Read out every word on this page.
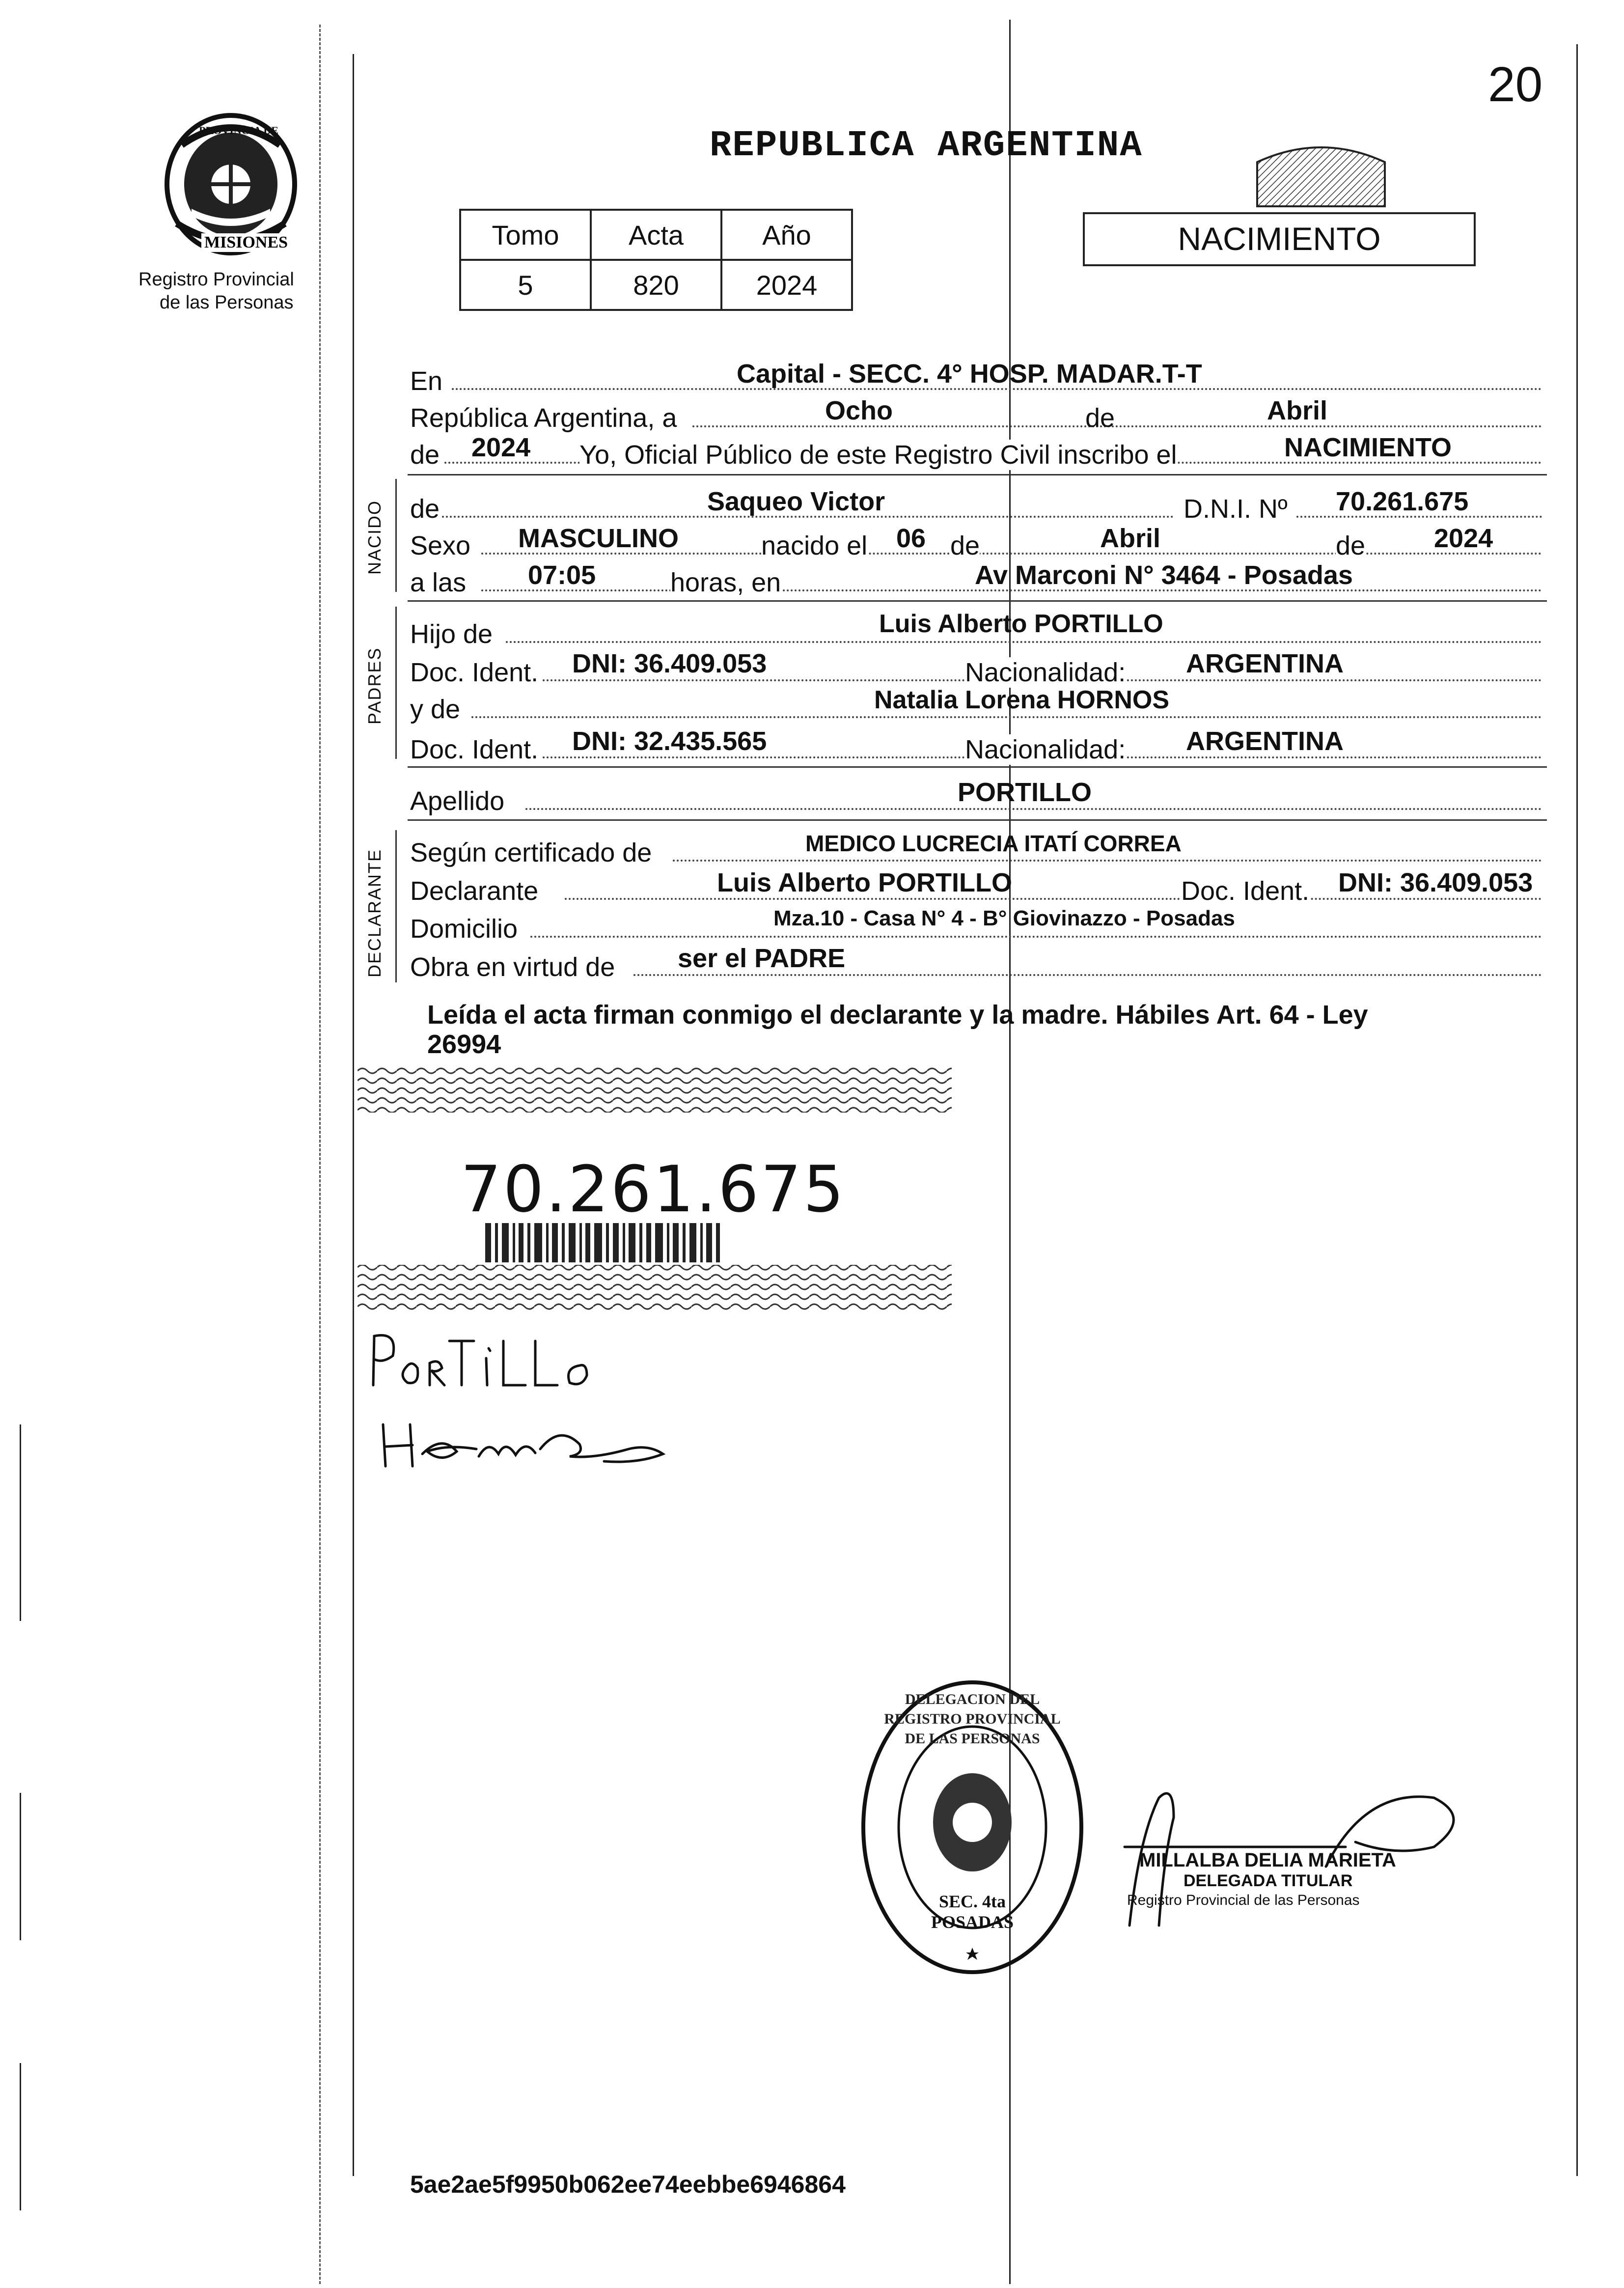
20
PROVINCIA DE
MISIONES
Registro Provincial
de las Personas
REPUBLICA ARGENTINA
Tomo	Acta	Año
5	820	2024
NACIMIENTO
En	Capital - SECC. 4° HOSP. MADAR.T-T
República Argentina, a	Ocho	de	Abril
de 2024 Yo, Oficial Público de este Registro Civil inscribo el	NACIMIENTO
NACIDO de	Saqueo Victor	D.N.I. Nº 70.261.675
Sexo MASCULINO	nacido el 06 de	Abril	de	2024
a las 07:05	horas, en	Av Marconi N° 3464 - Posadas
PADRES
Hijo de	Luis Alberto PORTILLO
Doc. Ident. DNI: 36.409.053	Nacionalidad: ARGENTINA
y de	Natalia Lorena HORNOS
Doc. Ident. DNI: 32.435.565	Nacionalidad: ARGENTINA
Apellido	PORTILLO
DECLARANTE Según certificado de	MEDICO LUCRECIA ITATÍ CORREA
Declarante	Luis Alberto PORTILLO	Doc. Ident. DNI: 36.409.053
Domicilio	Mza.10 - Casa N° 4 - B° Giovinazzo - Posadas
Obra en virtud de ser el PADRE
Leída el acta firman conmigo el declarante y la madre. Hábiles Art. 64 - Ley
26994
70.261.675
DELEGACION DEL REGISTRO PROVINCIAL DE LAS PERSONAS
SEC. 4ta POSADAS
MILLALBA DELIA MARIETA
DELEGADA TITULAR
Registro Provincial de las Personas
5ae2ae5f9950b062ee74eebbe6946864
